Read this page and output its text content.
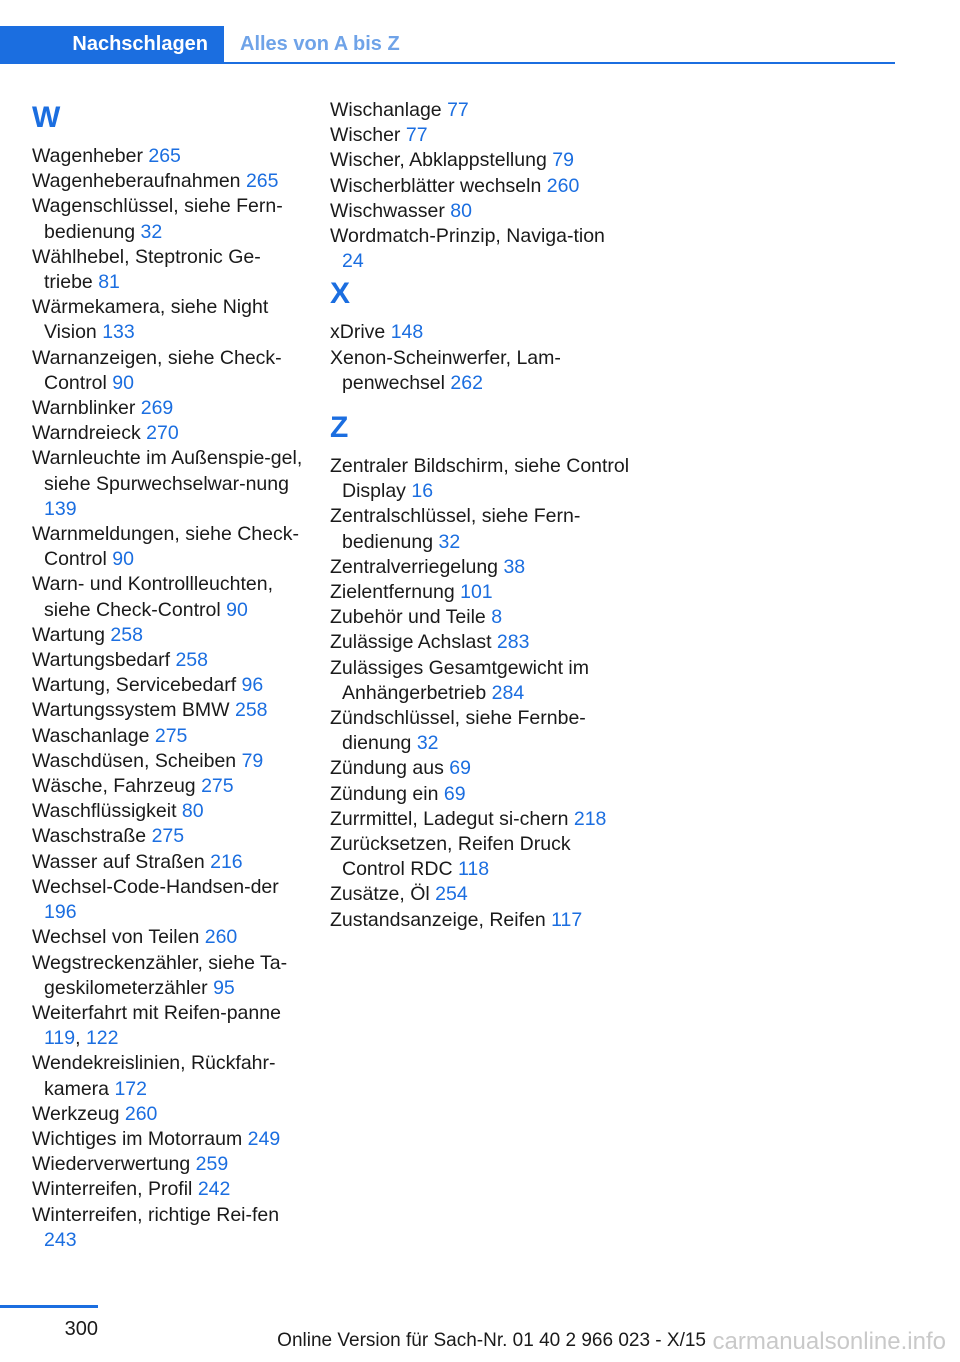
Nachschlagen	Alles von A bis Z
W
Wagenheber 265
Wagenheberaufnahmen 265
Wagenschlüssel, siehe Fern-bedienung 32
Wählhebel, Steptronic Ge-triebe 81
Wärmekamera, siehe Night Vision 133
Warnanzeigen, siehe Check-Control 90
Warnblinker 269
Warndreieck 270
Warnleuchte im Außenspie-gel, siehe Spurwechselwar-nung 139
Warnmeldungen, siehe Check-Control 90
Warn- und Kontrollleuchten, siehe Check-Control 90
Wartung 258
Wartungsbedarf 258
Wartung, Servicebedarf 96
Wartungssystem BMW 258
Waschanlage 275
Waschdüsen, Scheiben 79
Wäsche, Fahrzeug 275
Waschflüssigkeit 80
Waschstraße 275
Wasser auf Straßen 216
Wechsel-Code-Handsen-der 196
Wechsel von Teilen 260
Wegstreckenzähler, siehe Ta-geskilometerzähler 95
Weiterfahrt mit Reifen-panne 119, 122
Wendekreislinien, Rückfahr-kamera 172
Werkzeug 260
Wichtiges im Motorraum 249
Wiederverwertung 259
Winterreifen, Profil 242
Winterreifen, richtige Rei-fen 243
Wischanlage 77
Wischer 77
Wischer, Abklappstellung 79
Wischerblätter wechseln 260
Wischwasser 80
Wordmatch-Prinzip, Naviga-tion 24
X
xDrive 148
Xenon-Scheinwerfer, Lam-penwechsel 262
Z
Zentraler Bildschirm, siehe Control Display 16
Zentralschlüssel, siehe Fern-bedienung 32
Zentralverriegelung 38
Zielentfernung 101
Zubehör und Teile 8
Zulässige Achslast 283
Zulässiges Gesamtgewicht im Anhängerbetrieb 284
Zündschlüssel, siehe Fernbe-dienung 32
Zündung aus 69
Zündung ein 69
Zurrmittel, Ladegut si-chern 218
Zurücksetzen, Reifen Druck Control RDC 118
Zusätze, Öl 254
Zustandsanzeige, Reifen 117
300
Online Version für Sach-Nr. 01 40 2 966 023 - X/15 carmanualsonline.info
